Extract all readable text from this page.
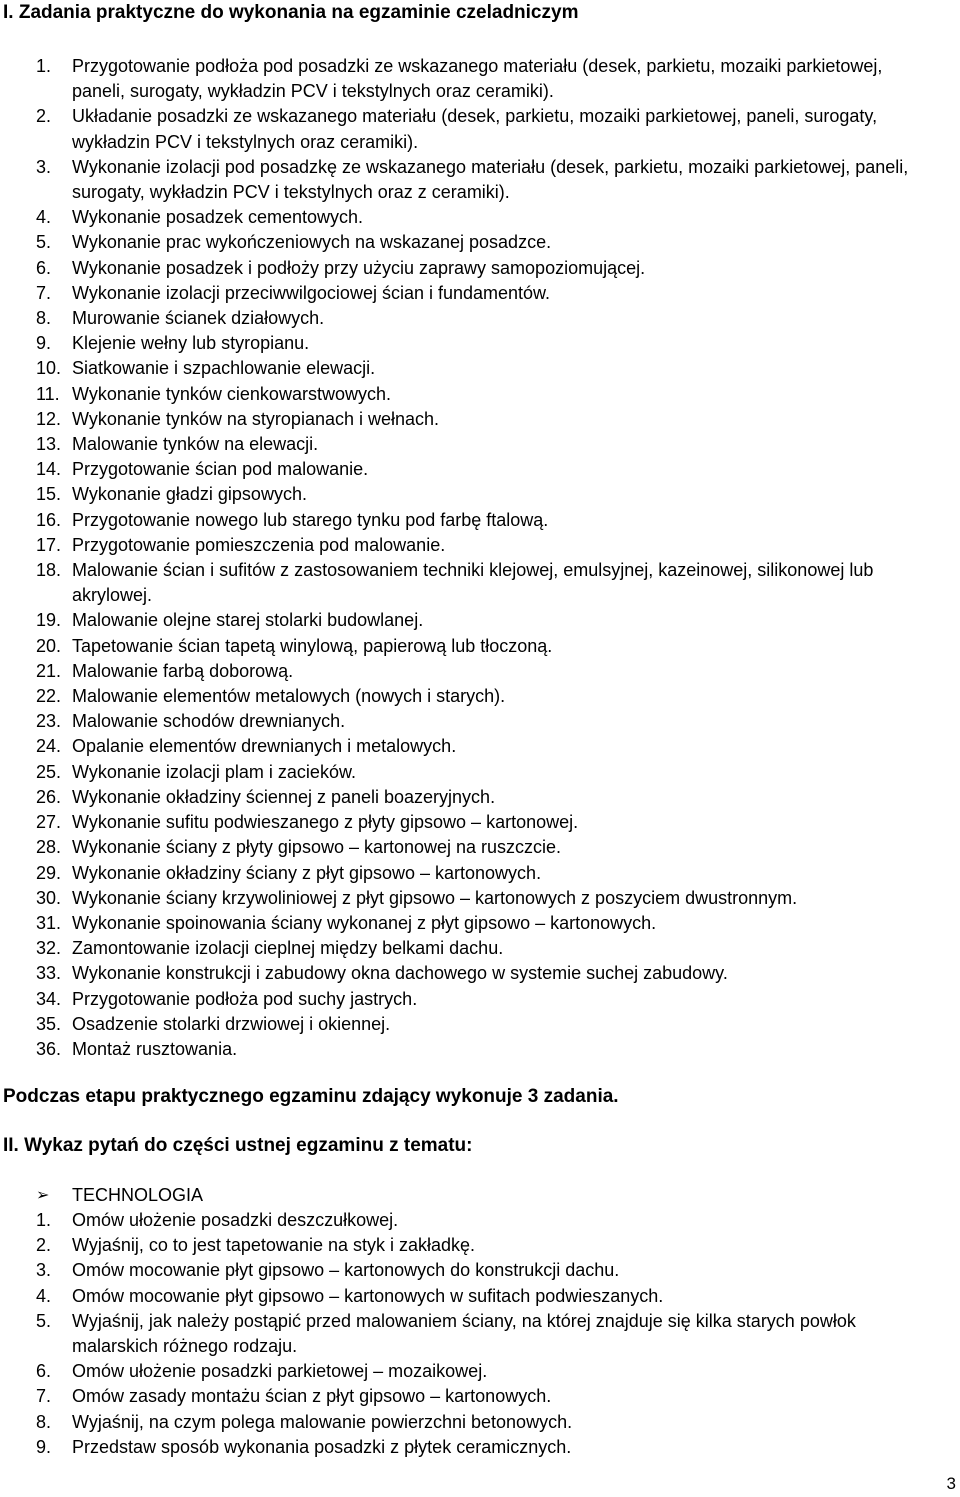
I. Zadania praktyczne do wykonania na egzaminie czeladniczym
1.	Przygotowanie podłoża pod posadzki ze wskazanego materiału (desek, parkietu, mozaiki parkietowej, paneli, surogaty, wykładzin PCV i tekstylnych oraz ceramiki).
2.	Układanie posadzki ze wskazanego materiału (desek, parkietu, mozaiki parkietowej, paneli, surogaty, wykładzin PCV i tekstylnych oraz ceramiki).
3.	Wykonanie izolacji pod posadzkę ze wskazanego materiału (desek, parkietu, mozaiki parkietowej, paneli, surogaty, wykładzin PCV i tekstylnych oraz z ceramiki).
4.	Wykonanie posadzek cementowych.
5.	Wykonanie prac wykończeniowych na wskazanej posadzce.
6.	Wykonanie posadzek i podłoży przy użyciu zaprawy samopoziomującej.
7.	Wykonanie izolacji przeciwwilgociowej ścian i fundamentów.
8.	Murowanie ścianek działowych.
9.	Klejenie wełny lub styropianu.
10. Siatkowanie i szpachlowanie elewacji.
11. Wykonanie tynków cienkowarstwowych.
12. Wykonanie tynków na styropianach i wełnach.
13. Malowanie tynków na elewacji.
14. Przygotowanie ścian pod malowanie.
15. Wykonanie gładzi gipsowych.
16. Przygotowanie nowego lub starego tynku pod farbę ftalową.
17. Przygotowanie pomieszczenia pod malowanie.
18. Malowanie ścian i sufitów z zastosowaniem techniki klejowej, emulsyjnej, kazeinowej, silikonowej lub akrylowej.
19. Malowanie olejne starej stolarki budowlanej.
20. Tapetowanie ścian tapetą winylową, papierową lub tłoczoną.
21. Malowanie farbą doborową.
22. Malowanie elementów metalowych (nowych i starych).
23. Malowanie schodów drewnianych.
24. Opalanie elementów drewnianych i metalowych.
25. Wykonanie izolacji plam i zacieków.
26. Wykonanie okładziny ściennej z paneli boazeryjnych.
27. Wykonanie sufitu podwieszanego z płyty gipsowo – kartonowej.
28. Wykonanie ściany z płyty gipsowo – kartonowej na ruszczcie.
29. Wykonanie okładziny ściany z płyt gipsowo – kartonowych.
30. Wykonanie ściany krzywoliniowej z płyt gipsowo – kartonowych z poszyciem dwustronnym.
31. Wykonanie spoinowania ściany wykonanej z płyt gipsowo – kartonowych.
32. Zamontowanie izolacji cieplnej między belkami dachu.
33. Wykonanie konstrukcji i zabudowy okna dachowego w systemie suchej zabudowy.
34. Przygotowanie podłoża pod suchy jastrych.
35. Osadzenie stolarki drzwiowej i okiennej.
36. Montaż rusztowania.
Podczas etapu praktycznego egzaminu zdający wykonuje 3 zadania.
II. Wykaz pytań do części ustnej egzaminu z tematu:
➢	TECHNOLOGIA
1.	Omów ułożenie posadzki deszczułkowej.
2.	Wyjaśnij, co to jest tapetowanie na styk i zakładkę.
3.	Omów mocowanie płyt gipsowo – kartonowych do konstrukcji dachu.
4.	Omów mocowanie płyt gipsowo – kartonowych w sufitach podwieszanych.
5.	Wyjaśnij, jak należy postąpić przed malowaniem ściany, na której znajduje się kilka starych powłok malarskich różnego rodzaju.
6.	Omów ułożenie posadzki parkietowej – mozaikowej.
7.	Omów zasady montażu ścian z płyt gipsowo – kartonowych.
8.	Wyjaśnij, na czym polega malowanie powierzchni betonowych.
9.	Przedstaw sposób wykonania posadzki z płytek ceramicznych.
3
